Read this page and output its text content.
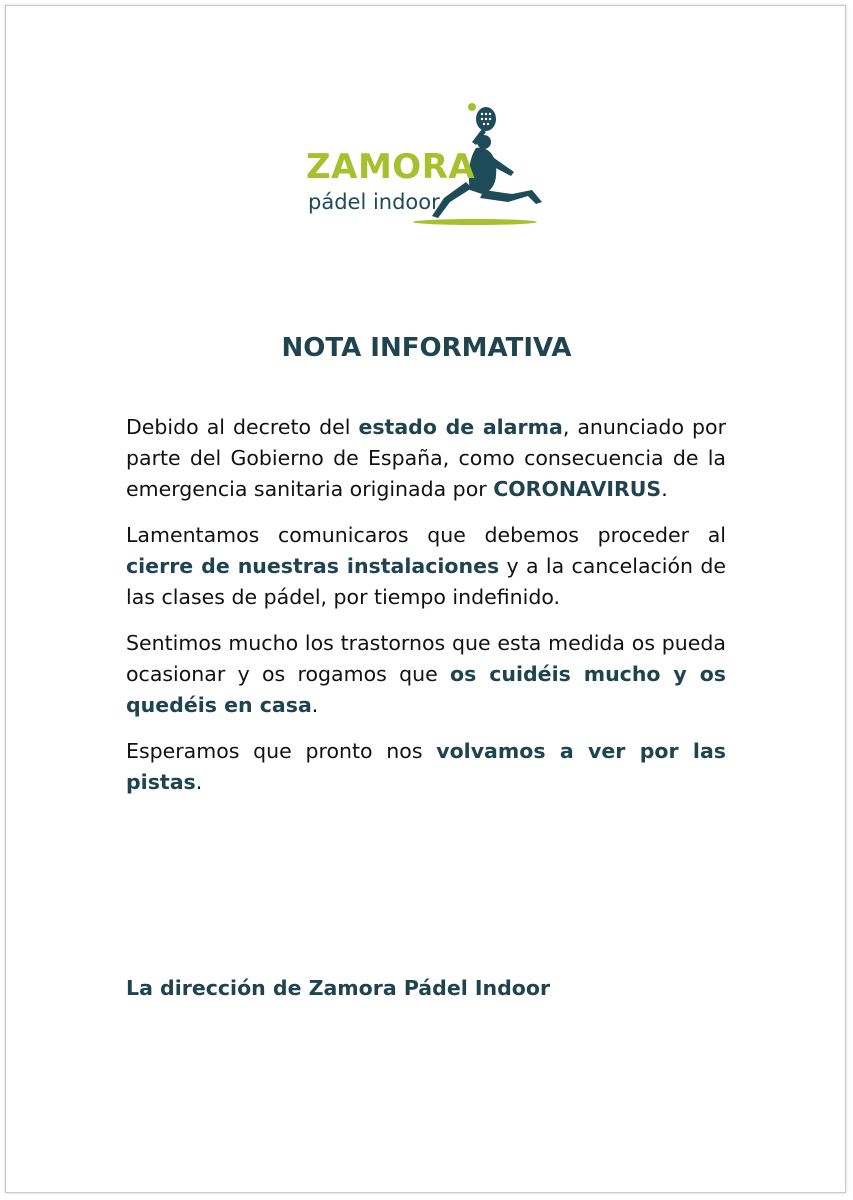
ZAMORA
pádel indoor
NOTA INFORMATIVA

Debido al decreto del estado de alarma, anunciado por parte del Gobierno de España, como consecuencia de la emergencia sanitaria originada por CORONAVIRUS.

Lamentamos comunicaros que debemos proceder al cierre de nuestras instalaciones y a la cancelación de las clases de pádel, por tiempo indefinido.

Sentimos mucho los trastornos que esta medida os pueda ocasionar y os rogamos que os cuidéis mucho y os quedéis en casa.

Esperamos que pronto nos volvamos a ver por las pistas.

La dirección de Zamora Pádel Indoor
